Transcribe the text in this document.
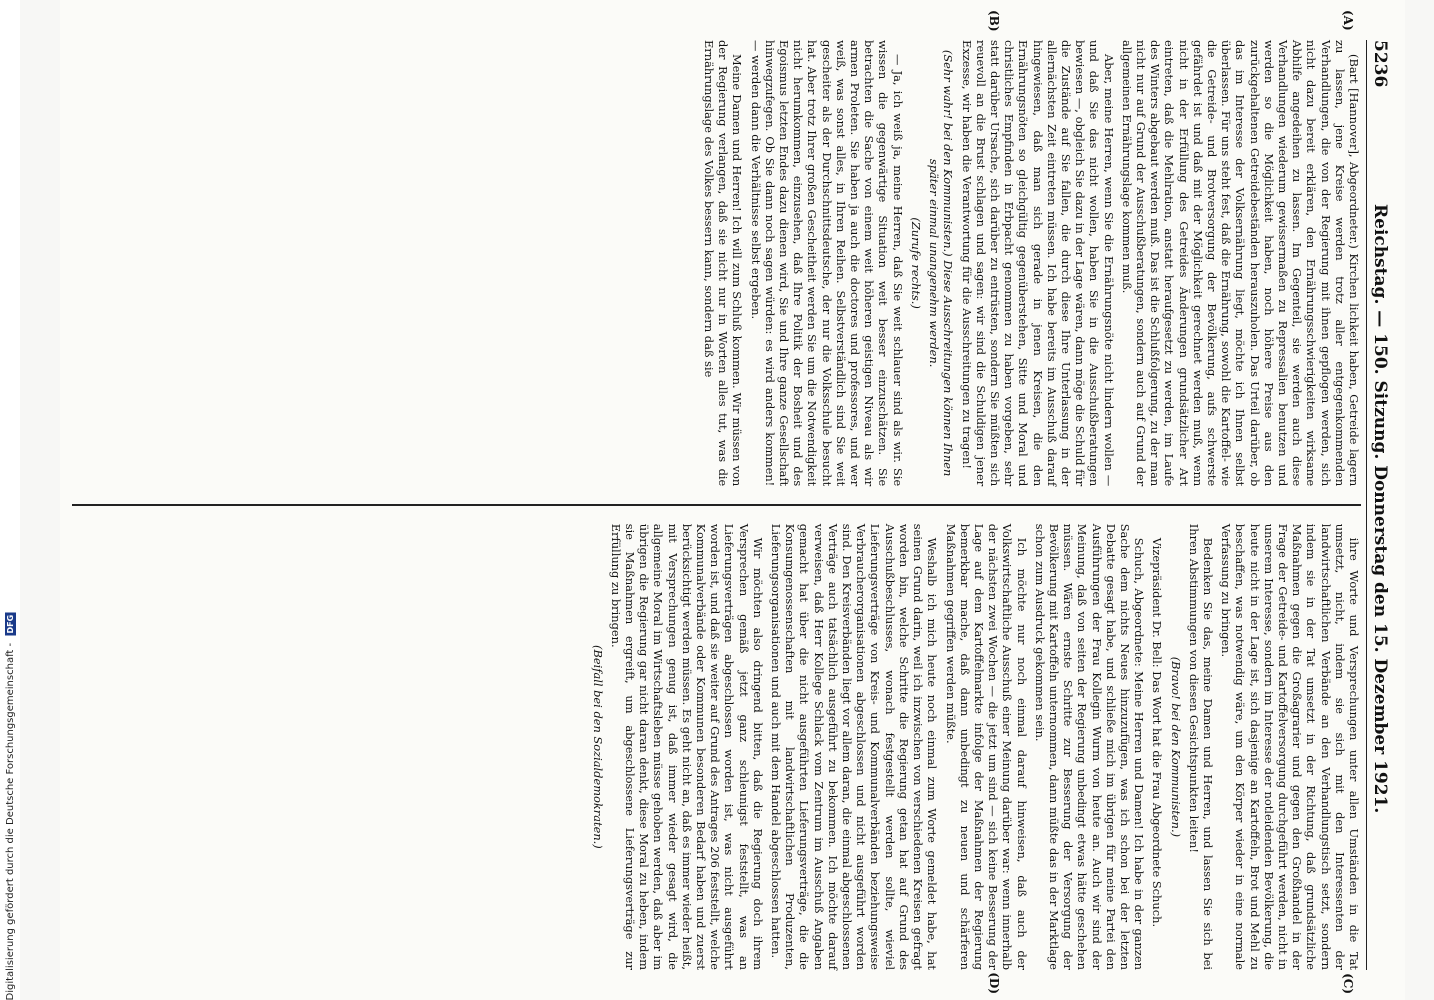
5236
Reichstag. — 150. Sitzung. Donnerstag den 15. Dezember 1921.
(A)
(B)

(Bart [Hannover], Abgeordneter.) Kirchen lichkeit haben, Getreide lagern zu lassen, jene Kreise werden trotz aller entgegenkommenden Verhandlungen, die von der Regierung mit ihnen gepflogen werden, sich nicht dazu bereit erklären, den Ernährungsschwierigkeiten wirksame Abhilfe angedeihen zu lassen. Im Gegenteil, sie werden auch diese Verhandlungen wiederum gewissermaßen zu Repressalien benutzen und werden so die Möglichkeit haben, noch höhere Preise aus den zurückgehaltenen Getreidebeständen herauszuholen. Das Urteil darüber, ob das im Interesse der Volksernährung liegt, möchte ich Ihnen selbst überlassen. Für uns steht fest, daß die Ernährung, sowohl die Kartoffel- wie die Getreide- und Brotversorgung der Bevölkerung, aufs schwerste gefährdet ist und daß mit der Möglichkeit gerechnet werden muß, wenn nicht in der Erfüllung des Getreides Änderungen grundsätzlicher Art eintreten, daß die Mehlration, anstatt heraufgesetzt zu werden, im Laufe des Winters abgebaut werden muß. Das ist die Schlußfolgerung, zu der man nicht nur auf Grund der Ausschußberatungen, sondern auch auf Grund der allgemeinen Ernährungslage kommen muß.

Aber, meine Herren, wenn Sie die Ernährungsnöte nicht lindern wollen — und daß Sie das nicht wollen, haben Sie in die Ausschußberatungen bewiesen —, obgleich Sie dazu in der Lage wären, dann möge die Schuld für die Zustände auf Sie fallen, die durch diese Ihre Unterlassung in der allernächsten Zeit eintreten müssen. Ich habe bereits im Ausschuß darauf hingewiesen, daß man sich gerade in jenen Kreisen, die den Ernährungsnöten so gleichgültig gegenüberstehen, Sitte und Moral und christliches Empfinden in Erbpacht genommen zu haben vorgeben, sehr statt darüber Ursache, sich darüber zu entrüsten, sondern Sie müßten sich reuevoll an die Brust schlagen und sagen: wir sind die Schuldigen jener Exzesse, wir haben die Verantwortung für die Ausschreitungen zu tragen!

(Sehr wahr! bei den Kommunisten.) Diese Ausschreitungen können Ihnen später einmal unangenehm werden.

(Zurufe rechts.)

— Ja, ich weiß ja, meine Herren, daß Sie weit schlauer sind als wir. Sie wissen die gegenwärtige Situation weit besser einzuschätzen. Sie betrachten die Sache von einem weit höheren geistigen Niveau als wir armen Proleten. Sie haben ja auch die doctores und professores, und wer weiß, was sonst alles, in Ihren Reihen. Selbstverständlich sind Sie weit gescheiter als der Durchschnittsdeutsche, der nur die Volksschule besucht hat. Aber trotz Ihrer großen Gescheitheit werden Sie um die Notwendigkeit nicht herumkommen, einzusehen, daß Ihre Politik der Bosheit und des Egoismus letzten Endes dazu dienen wird, Sie und Ihre ganze Gesellschaft hinwegzufegen. Ob Sie dann noch sagen würden: es wird anders kommen! — werden dann die Verhältnisse selbst ergeben.

Meine Damen und Herren! Ich will zum Schluß kommen. Wir müssen von der Regierung verlangen, daß sie nicht nur in Worten alles tut, was die Ernährungslage des Volkes bessern kann, sondern daß sie

(C)
(D)

ihre Worte und Versprechungen unter allen Umständen in die Tat umsetzt, nicht, indem sie sich mit den Interessenten der landwirtschaftlichen Verbände an den Verhandlungstisch setzt, sondern indem sie in der Tat umsetzt in der Richtung, daß grundsätzliche Maßnahmen gegen die Großagrarier und gegen den Großhandel in der Frage der Getreide- und Kartoffelversorgung durchgeführt werden, nicht in unserem Interesse, sondern im Interesse der notleidenden Bevölkerung, die heute nicht in der Lage ist, sich dasjenige an Kartoffeln, Brot und Mehl zu beschaffen, was notwendig wäre, um den Körper wieder in eine normale Verfassung zu bringen.

Bedenken Sie das, meine Damen und Herren, und lassen Sie sich bei Ihren Abstimmungen von diesen Gesichtspunkten leiten!

(Bravo! bei den Kommunisten.)

Vizepräsident Dr. Bell: Das Wort hat die Frau Abgeordnete Schuch.

Schuch, Abgeordnete: Meine Herren und Damen! Ich habe in der ganzen Sache dem nichts Neues hinzuzufügen, was ich schon bei der letzten Debatte gesagt habe, und schließe mich im übrigen für meine Partei den Ausführungen der Frau Kollegin Wurm von heute an. Auch wir sind der Meinung, daß von seiten der Regierung unbedingt etwas hätte geschehen müssen. Wären ernste Schritte zur Besserung der Versorgung der Bevölkerung mit Kartoffeln unternommen, dann müßte das in der Marktlage schon zum Ausdruck gekommen sein.

Ich möchte nur noch einmal darauf hinweisen, daß auch der Volkswirtschaftliche Ausschuß einer Meinung darüber war: wenn innerhalb der nächsten zwei Wochen — die jetzt um sind — sich keine Besserung der Lage auf dem Kartoffelmarkte infolge der Maßnahmen der Regierung bemerkbar mache, daß dann unbedingt zu neuen und schärferen Maßnahmen gegriffen werden müßte.

Weshalb ich mich heute noch einmal zum Worte gemeldet habe, hat seinen Grund darin, weil ich inzwischen von verschiedenen Kreisen gefragt worden bin, welche Schritte die Regierung getan hat auf Grund des Ausschußbeschlusses, wonach festgestellt werden sollte, wieviel Lieferungsverträge von Kreis- und Kommunalverbänden beziehungsweise Verbraucherorganisationen abgeschlossen und nicht ausgeführt worden sind. Den Kreisverbänden liegt vor allem daran, die einmal abgeschlossenen Verträge auch tatsächlich ausgeführt zu bekommen. Ich möchte darauf verweisen, daß Herr Kollege Schlack vom Zentrum im Ausschuß Angaben gemacht hat über die nicht ausgeführten Lieferungsverträge, die die Konsumgenossenschaften mit landwirtschaftlichen Produzenten, Lieferungsorganisationen und auch mit dem Handel abgeschlossen hatten.

Wir möchten also dringend bitten, daß die Regierung doch ihrem Versprechen gemäß jetzt ganz schleunigst feststellt, was an Lieferungsverträgen abgeschlossen worden ist, was nicht ausgeführt worden ist, und daß sie weiter auf Grund des Antrages 206 feststellt, welche Kommunalverbände oder Kommunen besonderen Bedarf haben und zuerst berücksichtigt werden müssen. Es geht nicht an, daß es immer wieder heißt, mit Versprechungen genug ist, daß immer wieder gesagt wird, die allgemeine Moral im Wirtschaftsleben müsse gehoben werden, daß aber im übrigen die Regierung gar nicht daran denkt, diese Moral zu heben, indem sie Maßnahmen ergreift, um abgeschlossene Lieferungsverträge zur Erfüllung zu bringen.

(Beifall bei den Sozialdemokraten.)

Digitalisierung gefördert durch die Deutsche Forschungsgemeinschaft - DFG
